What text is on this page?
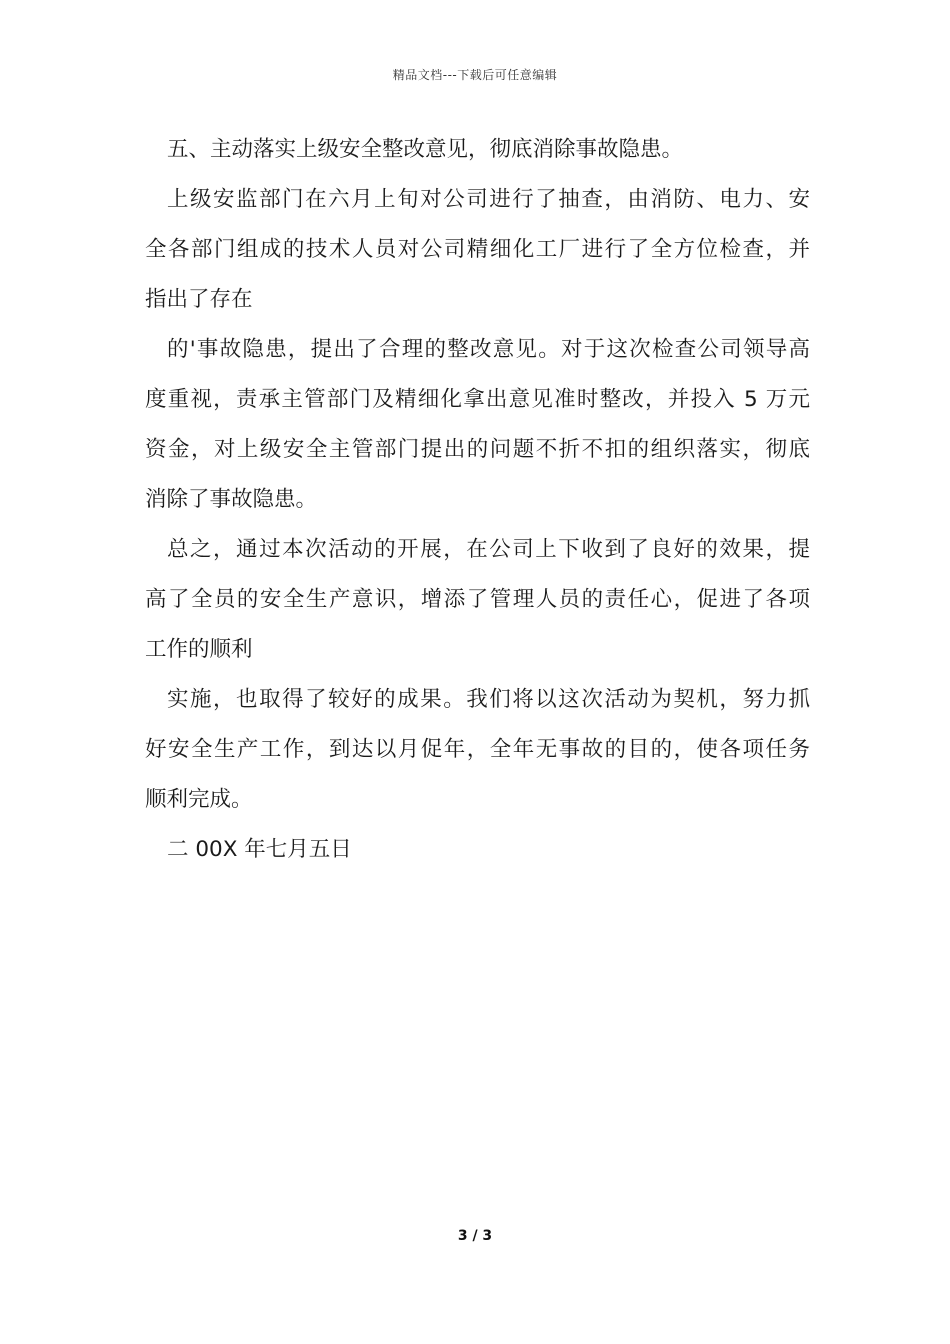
精品文档---下载后可任意编辑
五、主动落实上级安全整改意见，彻底消除事故隐患。
上级安监部门在六月上旬对公司进行了抽查，由消防、电力、安
全各部门组成的技术人员对公司精细化工厂进行了全方位检查，并
指出了存在
的'事故隐患，提出了合理的整改意见。对于这次检查公司领导高
度重视，责承主管部门及精细化拿出意见准时整改，并投入 5 万元
资金，对上级安全主管部门提出的问题不折不扣的组织落实，彻底
消除了事故隐患。
总之，通过本次活动的开展，在公司上下收到了良好的效果，提
高了全员的安全生产意识，增添了管理人员的责任心，促进了各项
工作的顺利
实施，也取得了较好的成果。我们将以这次活动为契机，努力抓
好安全生产工作，到达以月促年，全年无事故的目的，使各项任务
顺利完成。
二 00X 年七月五日
3 / 3
